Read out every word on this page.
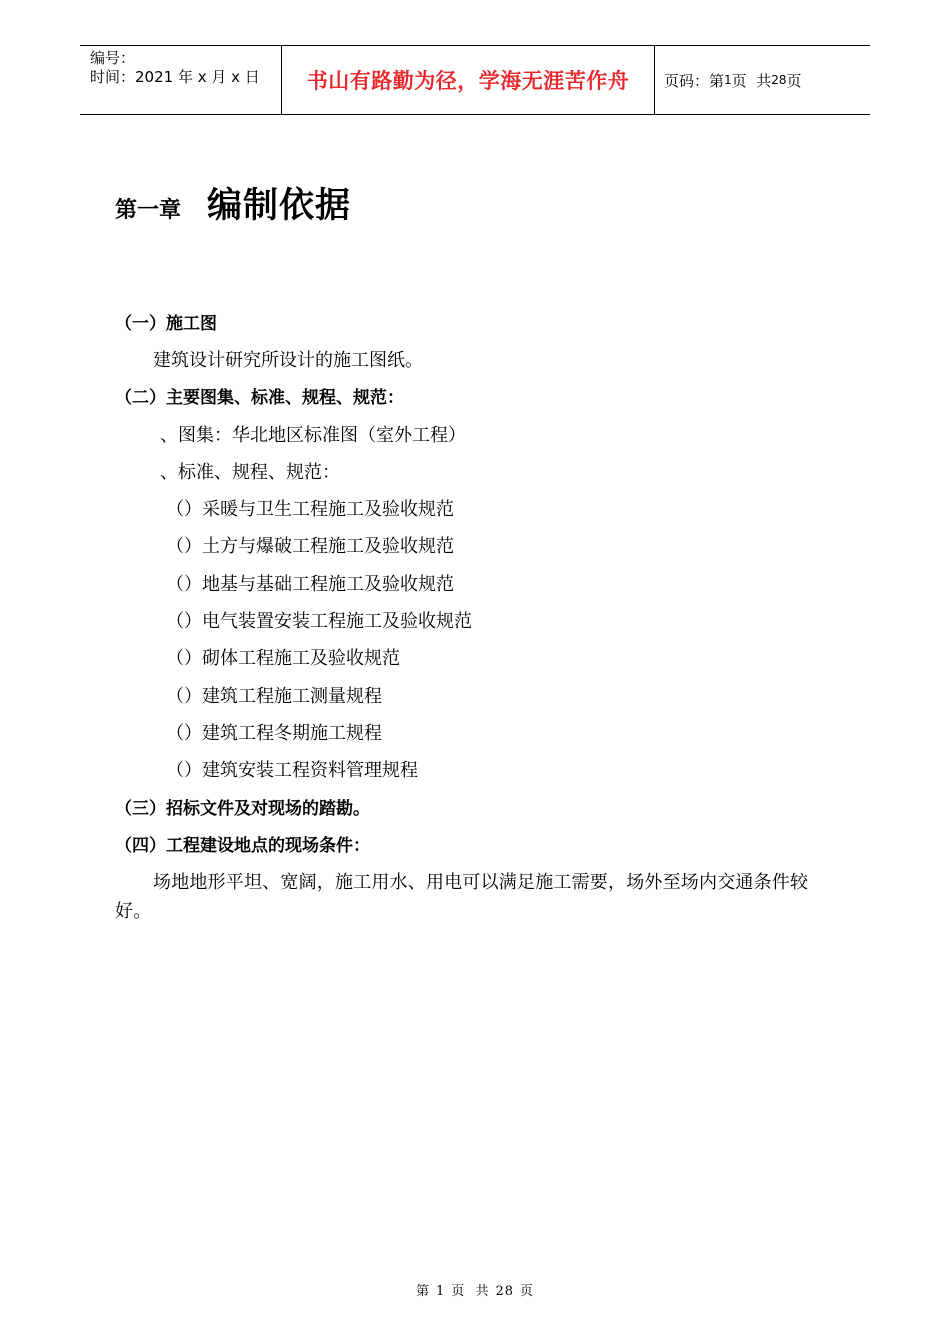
编号：
时间：2021 年 x 月 x 日	书山有路勤为径，学海无涯苦作舟	页码：第 1 页  共 28 页
第一章 编制依据
（一）施工图
建筑设计研究所设计的施工图纸。
（二）主要图集、标准、规程、规范：
、图集：华北地区标准图（室外工程）
、标准、规程、规范：
（）采暖与卫生工程施工及验收规范
（）土方与爆破工程施工及验收规范
（）地基与基础工程施工及验收规范
（）电气装置安装工程施工及验收规范
（）砌体工程施工及验收规范
（）建筑工程施工测量规程
（）建筑工程冬期施工规程
（）建筑安装工程资料管理规程
（三）招标文件及对现场的踏勘。
（四）工程建设地点的现场条件：
场地地形平坦、宽阔，施工用水、用电可以满足施工需要，场外至场内交通条件较好。
第 1 页  共 28 页
